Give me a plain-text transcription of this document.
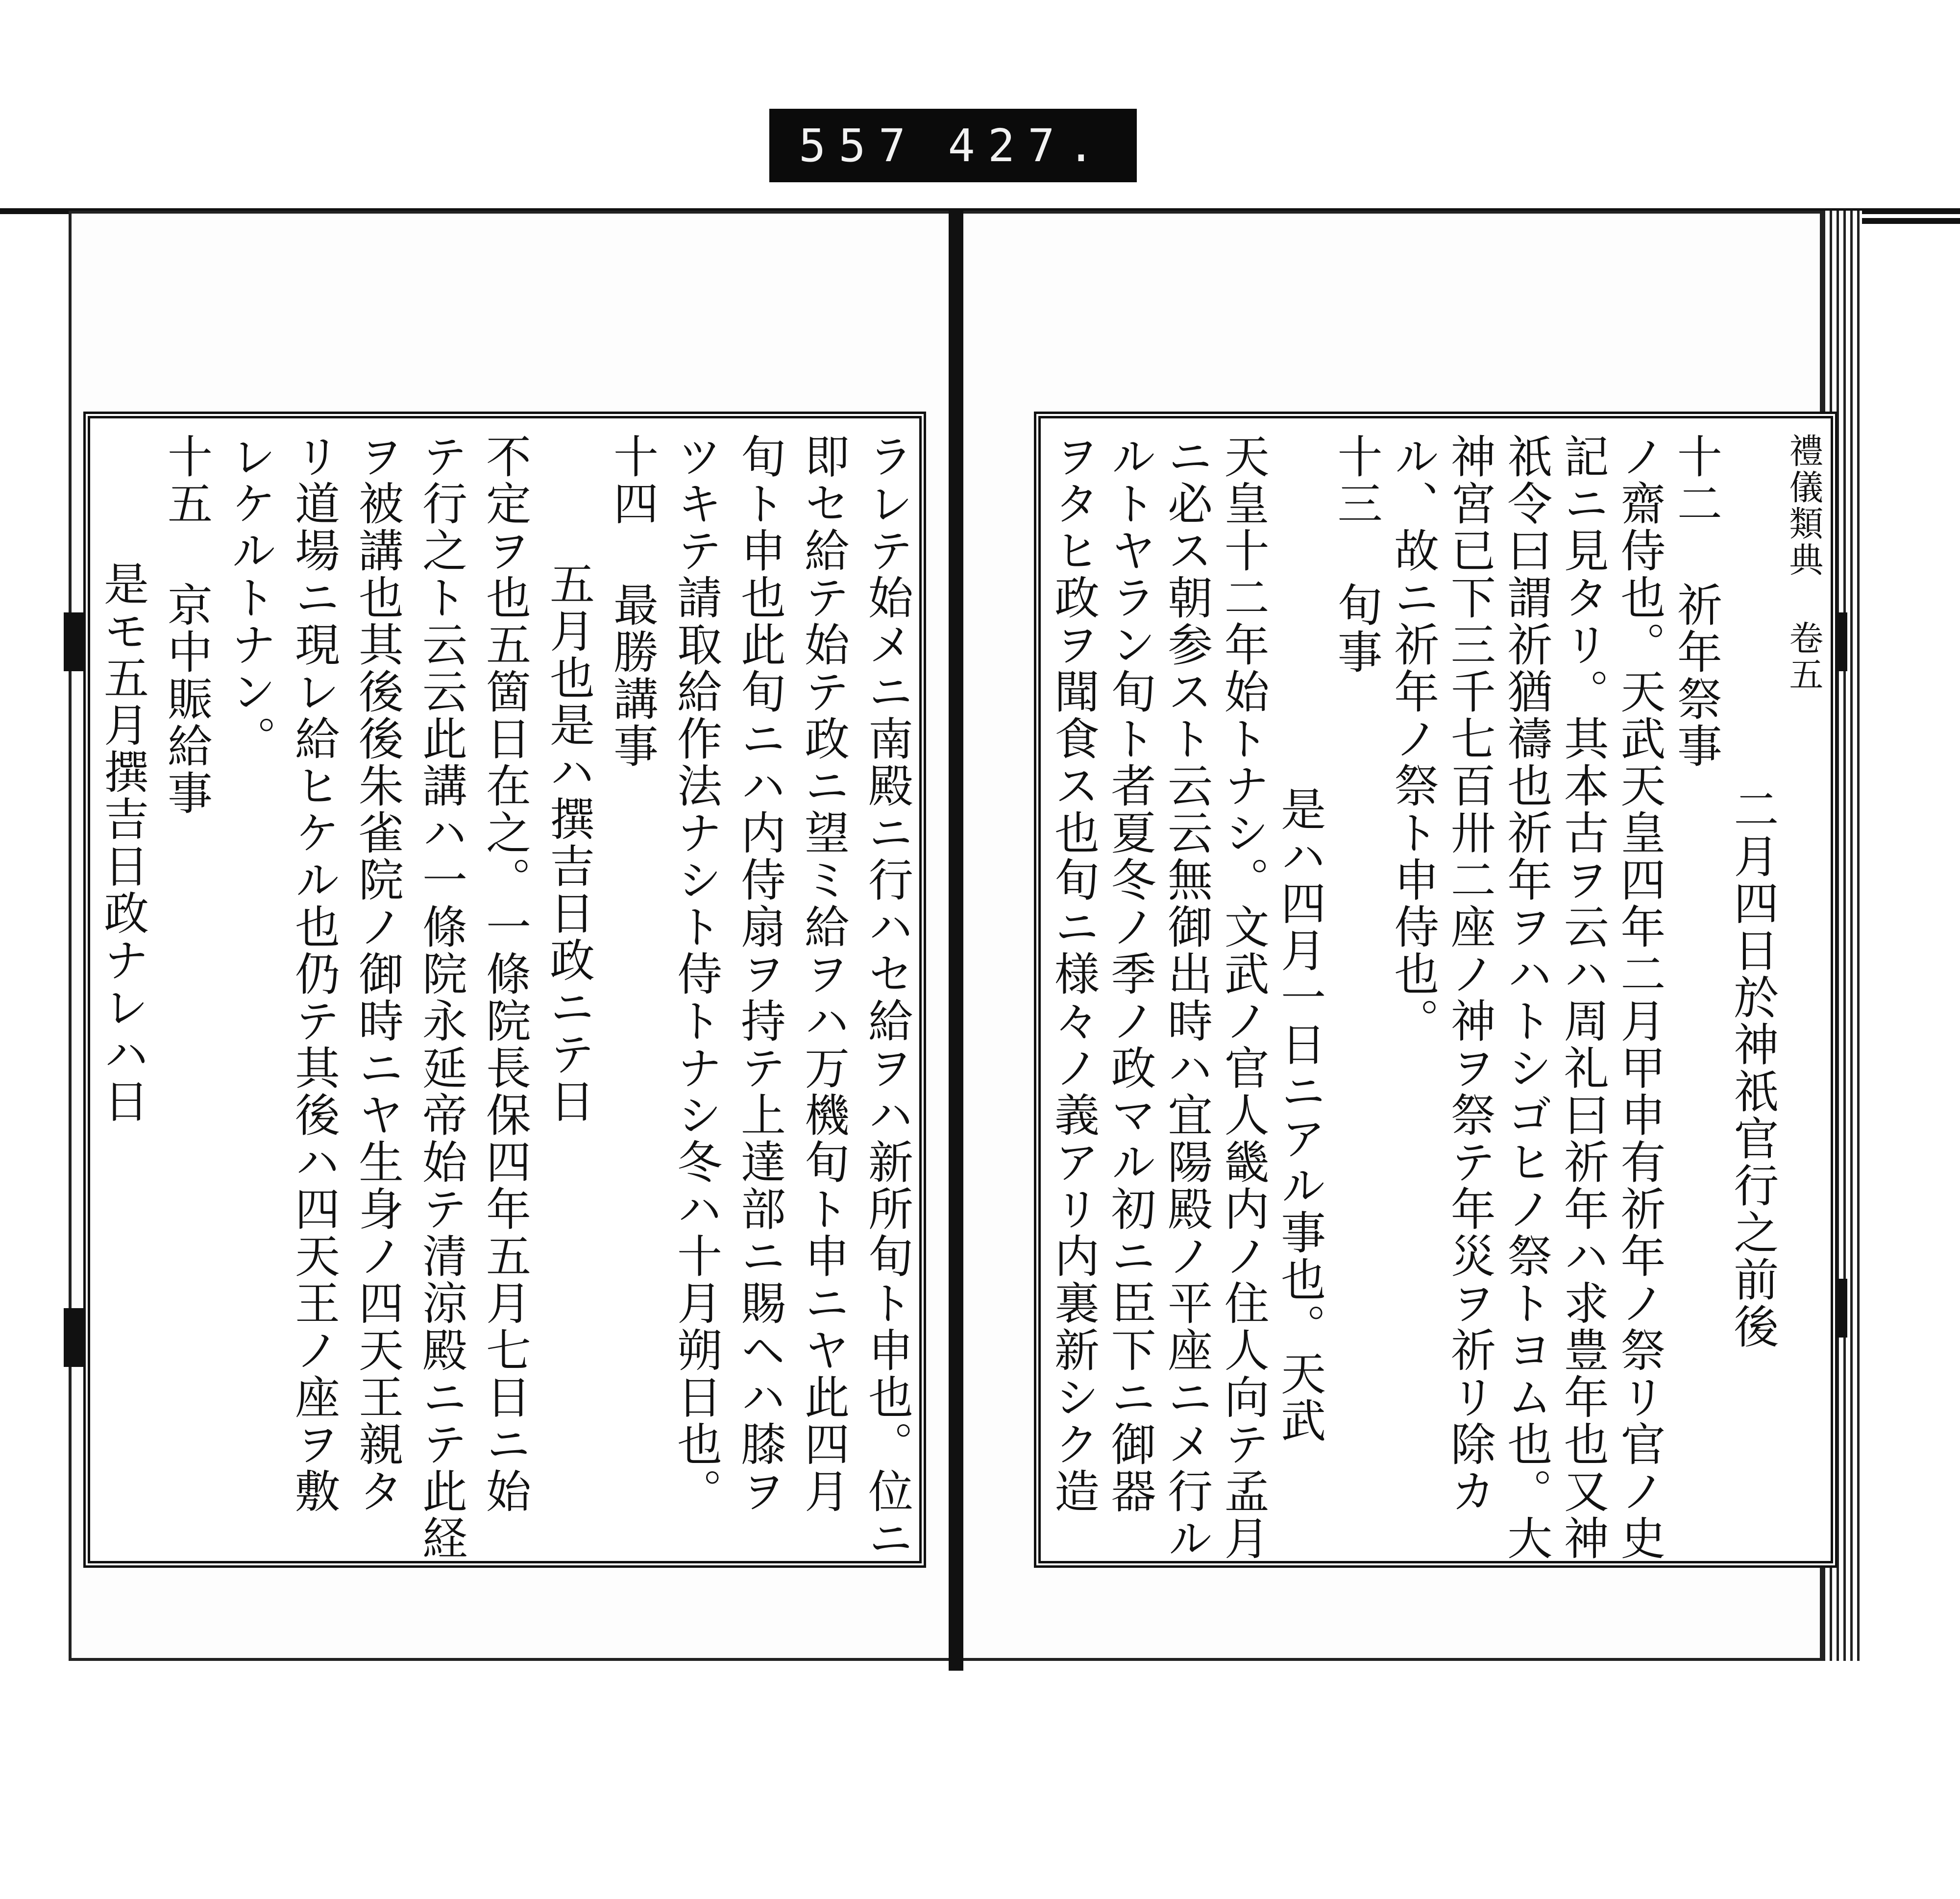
557 427.
禮儀類典 卷五
二月四日於神祇官行之前後
十二 祈年祭事
ノ齋侍也。天武天皇四年二月甲申有祈年ノ祭リ官ノ史
記ニ見タリ。其本古ヲ云ハ周礼曰祈年ハ求豊年也又神
祇令曰謂祈猶禱也祈年ヲハトシゴヒノ祭トヨム也。大
神宮已下三千七百卅二座ノ神ヲ祭テ年災ヲ祈リ除カ
ル、故ニ祈年ノ祭ト申侍也。
十三 旬事
是ハ四月一日ニアル事也。天武
天皇十二年始トナシ。文武ノ官人畿内ノ住人向テ孟月
ニ必ス朝参スト云云無御出時ハ宜陽殿ノ平座ニメ行ル
ルトヤラン旬ト者夏冬ノ季ノ政マル初ニ臣下ニ御器
ヲタヒ政ヲ聞食ス也旬ニ様々ノ義アリ内裏新シク造
ラレテ始メニ南殿ニ行ハセ給ヲハ新所旬ト申也。位ニ
即セ給テ始テ政ニ望ミ給ヲハ万機旬ト申ニヤ此四月
旬ト申也此旬ニハ内侍扇ヲ持テ上達部ニ賜ヘハ膝ヲ
ツキテ請取給作法ナシト侍トナシ冬ハ十月朔日也。
十四 最勝講事
五月也是ハ撰吉日政ニテ日
不定ヲ也五箇日在之。一條院長保四年五月七日ニ始
テ行之ト云云此講ハ一條院永延帝始テ清涼殿ニテ此経
ヲ被講也其後後朱雀院ノ御時ニヤ生身ノ四天王親タ
リ道場ニ現レ給ヒケル也仍テ其後ハ四天王ノ座ヲ敷
レケルトナン。
十五 京中賑給事
是モ五月撰吉日政ナレハ日
